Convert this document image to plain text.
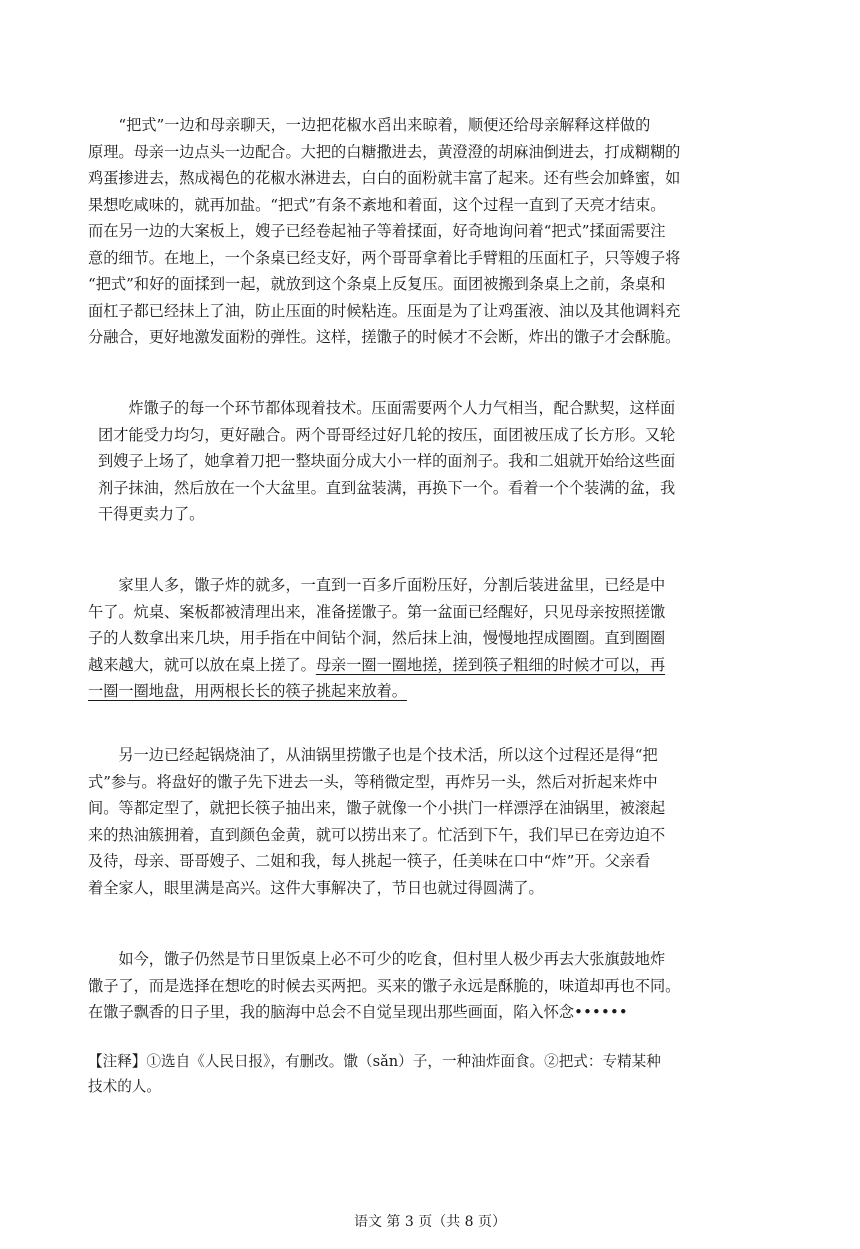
　　“把式”一边和母亲聊天，一边把花椒水舀出来晾着，顺便还给母亲解释这样做的
原理。母亲一边点头一边配合。大把的白糖撒进去，黄澄澄的胡麻油倒进去，打成糊糊的
鸡蛋掺进去，熬成褐色的花椒水淋进去，白白的面粉就丰富了起来。还有些会加蜂蜜，如
果想吃咸味的，就再加盐。“把式”有条不紊地和着面，这个过程一直到了天亮才结束。
而在另一边的大案板上，嫂子已经卷起袖子等着揉面，好奇地询问着“把式”揉面需要注
意的细节。在地上，一个条桌已经支好，两个哥哥拿着比手臂粗的压面杠子，只等嫂子将
“把式”和好的面揉到一起，就放到这个条桌上反复压。面团被搬到条桌上之前，条桌和
面杠子都已经抹上了油，防止压面的时候粘连。压面是为了让鸡蛋液、油以及其他调料充
分融合，更好地激发面粉的弹性。这样，搓馓子的时候才不会断，炸出的馓子才会酥脆。
　　炸馓子的每一个环节都体现着技术。压面需要两个人力气相当，配合默契，这样面
团才能受力均匀，更好融合。两个哥哥经过好几轮的按压，面团被压成了长方形。又轮
到嫂子上场了，她拿着刀把一整块面分成大小一样的面剂子。我和二姐就开始给这些面
剂子抹油，然后放在一个大盆里。直到盆装满，再换下一个。看着一个个装满的盆，我
干得更卖力了。
　　家里人多，馓子炸的就多，一直到一百多斤面粉压好，分割后装进盆里，已经是中
午了。炕桌、案板都被清理出来，准备搓馓子。第一盆面已经醒好，只见母亲按照搓馓
子的人数拿出来几块，用手指在中间钻个洞，然后抹上油，慢慢地捏成圈圈。直到圈圈
越来越大，就可以放在桌上搓了。母亲一圈一圈地搓，搓到筷子粗细的时候才可以，再
一圈一圈地盘，用两根长长的筷子挑起来放着。
　　另一边已经起锅烧油了，从油锅里捞馓子也是个技术活，所以这个过程还是得“把
式”参与。将盘好的馓子先下进去一头，等稍微定型，再炸另一头，然后对折起来炸中
间。等都定型了，就把长筷子抽出来，馓子就像一个小拱门一样漂浮在油锅里，被滚起
来的热油簇拥着，直到颜色金黄，就可以捞出来了。忙活到下午，我们早已在旁边迫不
及待，母亲、哥哥嫂子、二姐和我，每人挑起一筷子，任美味在口中“炸”开。父亲看
着全家人，眼里满是高兴。这件大事解决了，节日也就过得圆满了。
　　如今，馓子仍然是节日里饭桌上必不可少的吃食，但村里人极少再去大张旗鼓地炸
馓子了，而是选择在想吃的时候去买两把。买来的馓子永远是酥脆的，味道却再也不同。
在馓子飘香的日子里，我的脑海中总会不自觉呈现出那些画面，陷入怀念••••••
【注释】①选自《人民日报》，有删改。馓（sǎn）子，一种油炸面食。②把式：专精某种
技术的人。
语文 第 3 页（共 8 页）
